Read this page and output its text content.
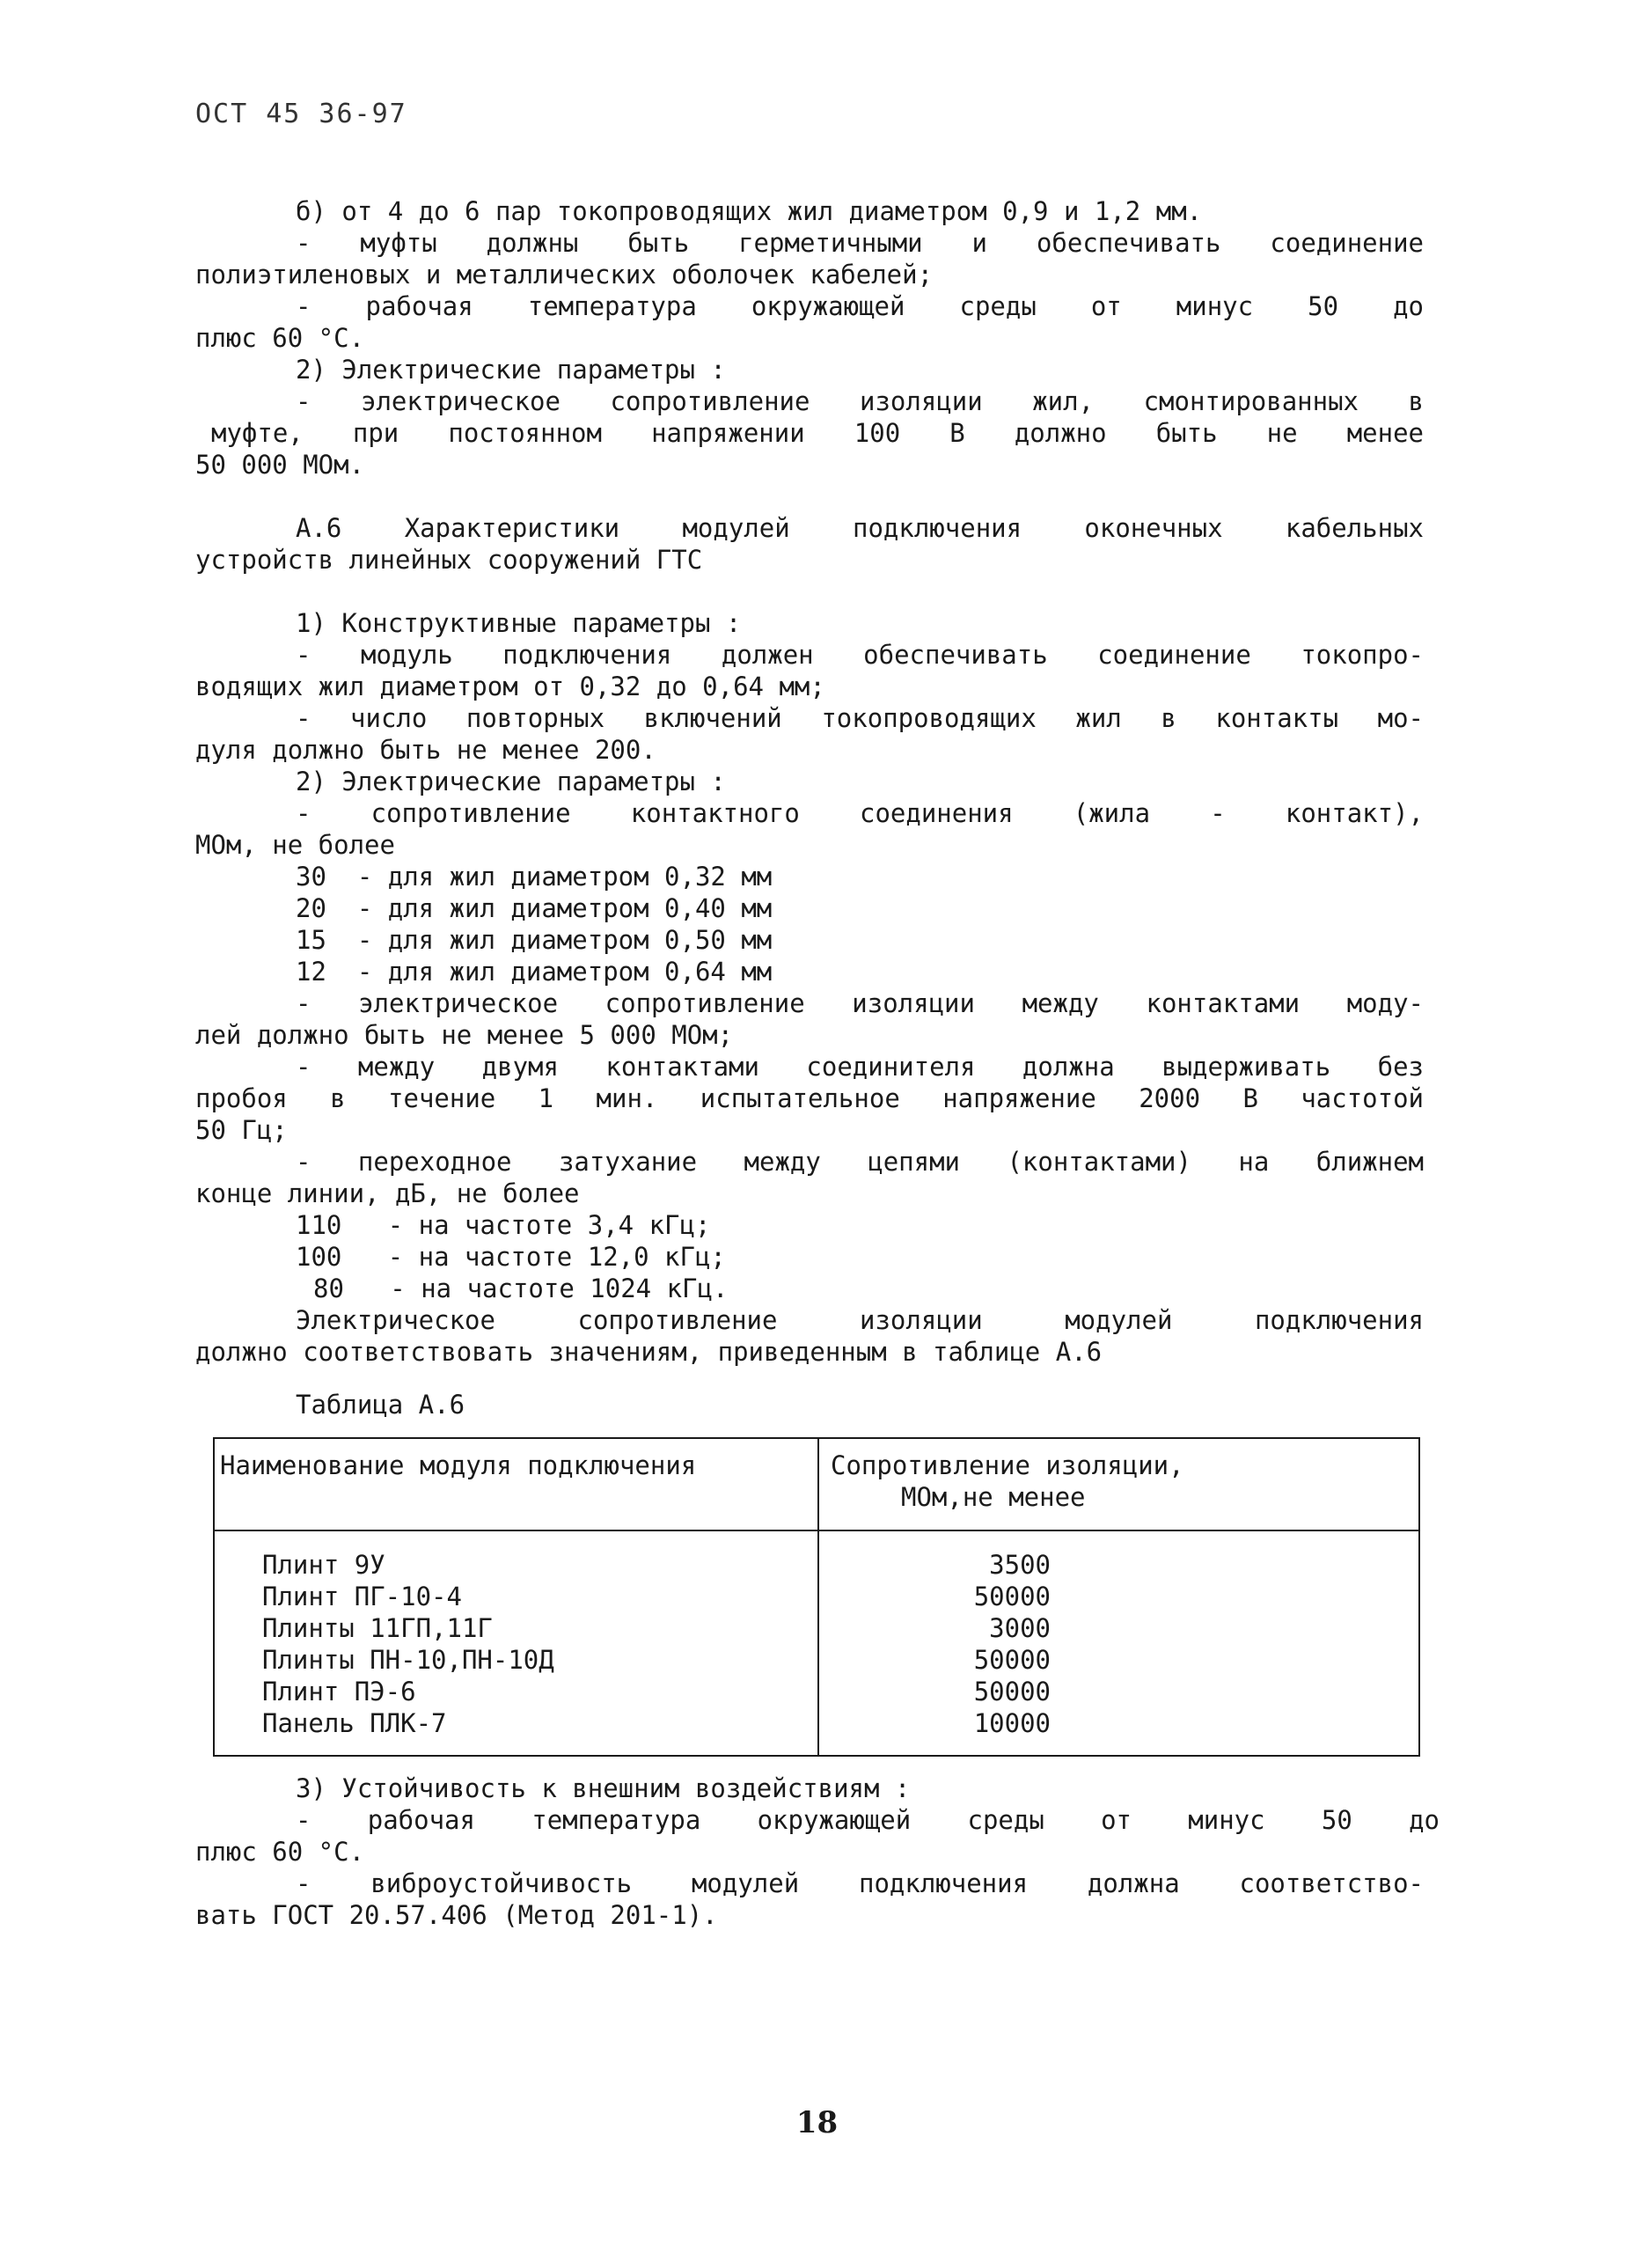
ОСТ 45 36-97
б) от 4 до 6 пар токопроводящих жил диаметром 0,9 и 1,2 мм.
- муфты должны быть герметичными и обеспечивать соединение
полиэтиленовых и металлических оболочек кабелей;
- рабочая температура окружающей среды от минус 50 до
плюс 60 °С.
2) Электрические параметры :
- электрическое сопротивление изоляции жил, смонтированных в
муфте, при постоянном напряжении 100 В должно быть не менее
50 000 МОм.
А.6 Характеристики модулей подключения оконечных кабельных
устройств линейных сооружений ГТС
1) Конструктивные параметры :
- модуль подключения должен обеспечивать соединение токопро-
водящих жил диаметром от 0,32 до 0,64 мм;
- число повторных включений токопроводящих жил в контакты мо-
дуля должно быть не менее 200.
2) Электрические параметры :
- сопротивление контактного соединения (жила - контакт),
МОм, не более
30  - для жил диаметром 0,32 мм
20  - для жил диаметром 0,40 мм
15  - для жил диаметром 0,50 мм
12  - для жил диаметром 0,64 мм
- электрическое сопротивление изоляции между контактами моду-
лей должно быть не менее 5 000 МОм;
- между двумя контактами соединителя должна выдерживать без
пробоя в течение 1 мин. испытательное напряжение 2000 В частотой
50 Гц;
- переходное затухание между цепями (контактами) на ближнем
конце линии, дБ, не более
110   - на частоте 3,4 кГц;
100   - на частоте 12,0 кГц;
80   - на частоте 1024 кГц.
Электрическое сопротивление изоляции модулей подключения
должно соответствовать значениям, приведенным в таблице А.6
Таблица А.6
Наименование модуля подключения	Сопротивление изоляции,
МОм,не менее
Плинт 9У	3500
Плинт ПГ-10-4	50000
Плинты 11ГП,11Г	3000
Плинты ПН-10,ПН-10Д	50000
Плинт ПЭ-6	50000
Панель ПЛК-7	10000
3) Устойчивость к внешним воздействиям :
- рабочая температура окружающей среды от минус 50 до
плюс 60 °С.
- виброустойчивость модулей подключения должна соответство-
вать ГОСТ 20.57.406 (Метод 201-1).
18
